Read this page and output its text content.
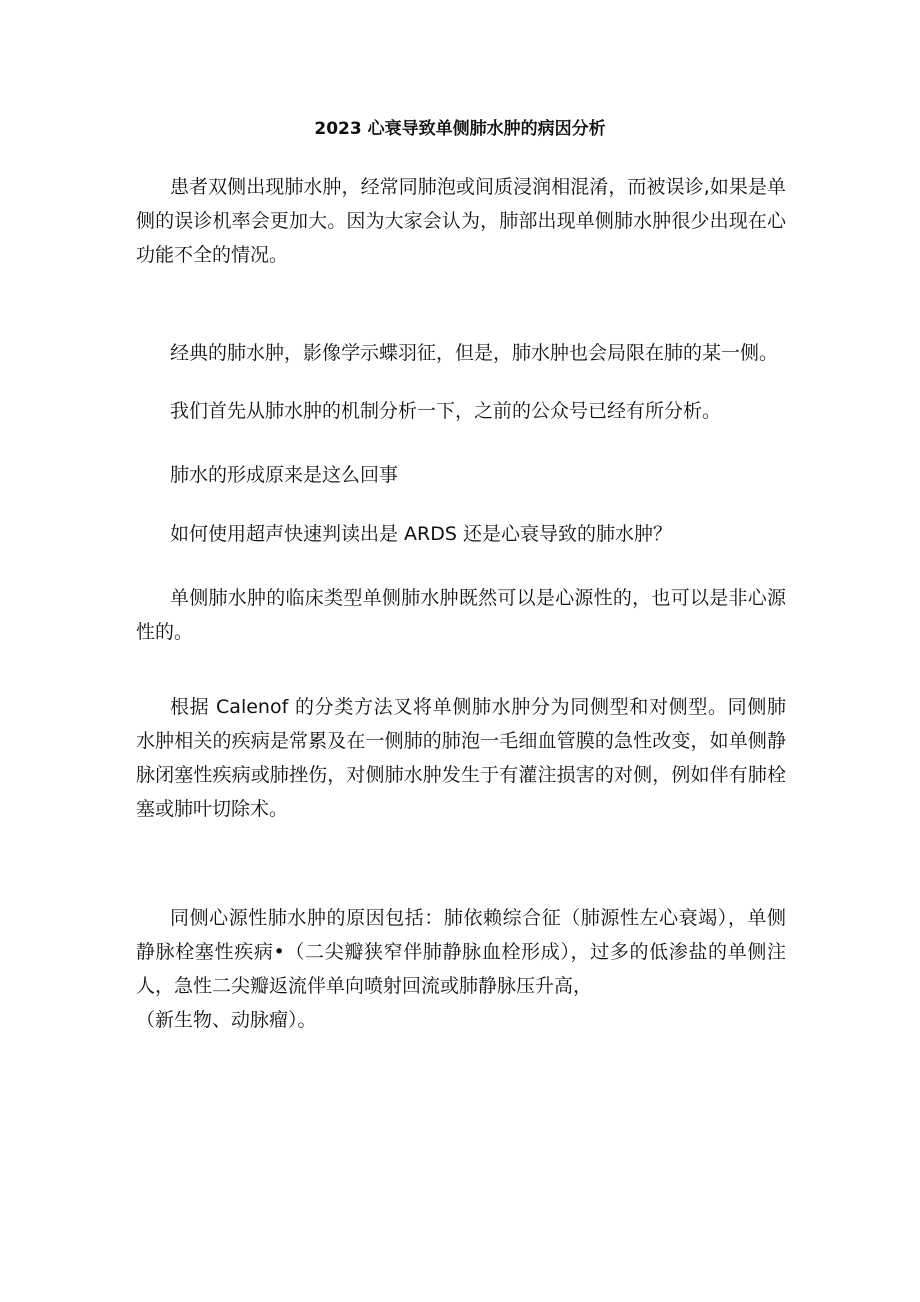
2023 心衰导致单侧肺水肿的病因分析

患者双侧出现肺水肿，经常同肺泡或间质浸润相混淆，而被误诊,如果是单侧的误诊机率会更加大。因为大家会认为，肺部出现单侧肺水肿很少出现在心功能不全的情况。

经典的肺水肿，影像学示蝶羽征，但是，肺水肿也会局限在肺的某一侧。

我们首先从肺水肿的机制分析一下，之前的公众号已经有所分析。

肺水的形成原来是这么回事

如何使用超声快速判读出是 ARDS 还是心衰导致的肺水肿？

单侧肺水肿的临床类型单侧肺水肿既然可以是心源性的，也可以是非心源性的。

根据 Calenof 的分类方法叉将单侧肺水肿分为同侧型和对侧型。同侧肺水肿相关的疾病是常累及在一侧肺的肺泡一毛细血管膜的急性改变，如单侧静脉闭塞性疾病或肺挫伤，对侧肺水肿发生于有灌注损害的对侧，例如伴有肺栓塞或肺叶切除术。

同侧心源性肺水肿的原因包括：肺依赖综合征（肺源性左心衰竭），单侧静脉栓塞性疾病•（二尖瓣狭窄伴肺静脉血栓形成），过多的低渗盐的单侧注人，急性二尖瓣返流伴单向喷射回流或肺静脉压升高，
（新生物、动脉瘤）。
